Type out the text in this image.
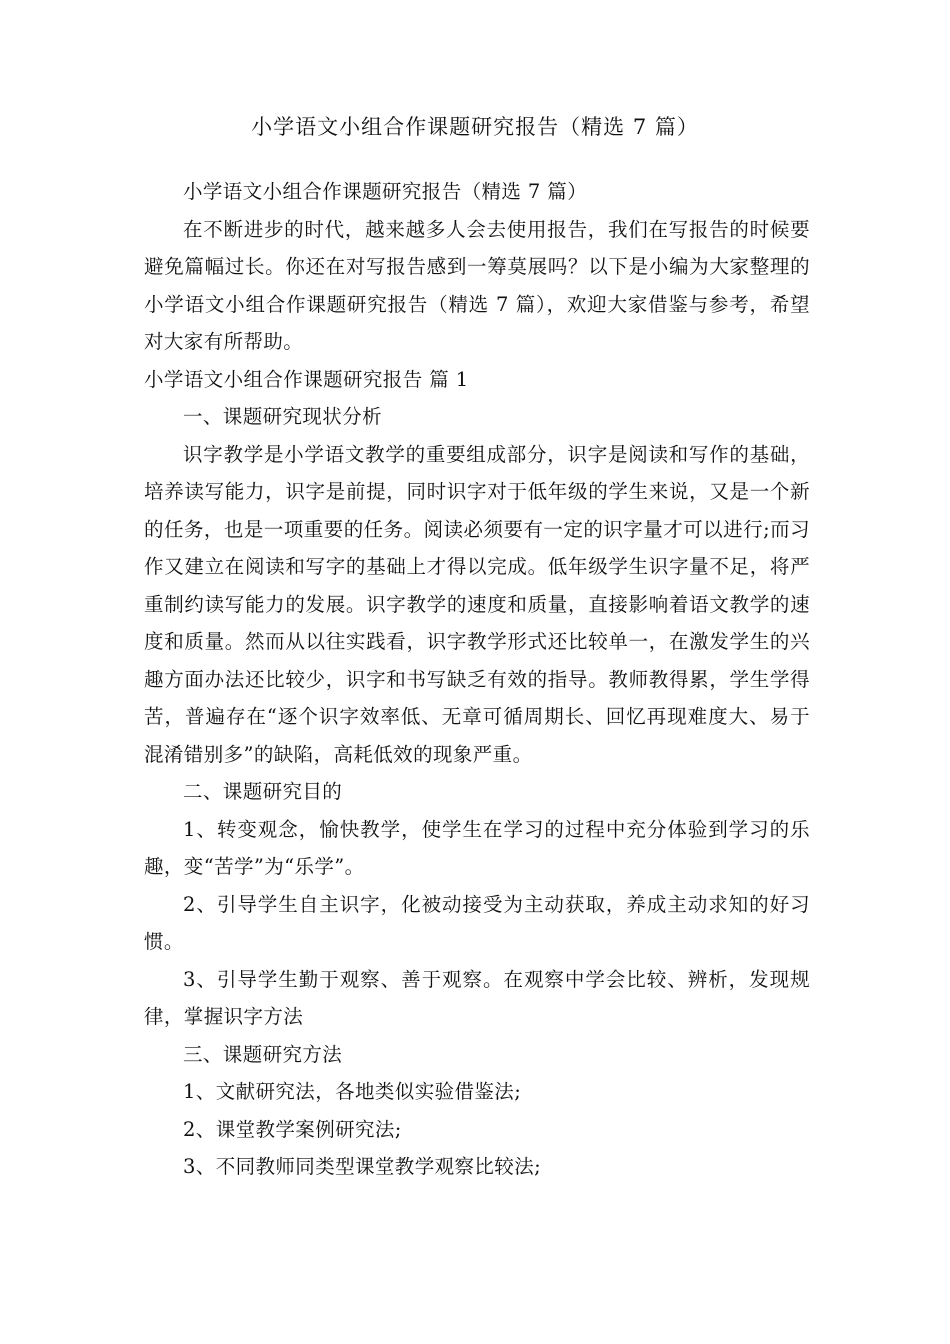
小学语文小组合作课题研究报告（精选 7 篇）

小学语文小组合作课题研究报告（精选 7 篇）

在不断进步的时代，越来越多人会去使用报告，我们在写报告的时候要避免篇幅过长。你还在对写报告感到一筹莫展吗？以下是小编为大家整理的小学语文小组合作课题研究报告（精选 7 篇），欢迎大家借鉴与参考，希望对大家有所帮助。

小学语文小组合作课题研究报告 篇 1

一、课题研究现状分析

识字教学是小学语文教学的重要组成部分，识字是阅读和写作的基础，培养读写能力，识字是前提，同时识字对于低年级的学生来说，又是一个新的任务，也是一项重要的任务。阅读必须要有一定的识字量才可以进行;而习作又建立在阅读和写字的基础上才得以完成。低年级学生识字量不足，将严重制约读写能力的发展。识字教学的速度和质量，直接影响着语文教学的速度和质量。然而从以往实践看，识字教学形式还比较单一，在激发学生的兴趣方面办法还比较少，识字和书写缺乏有效的指导。教师教得累，学生学得苦，普遍存在“逐个识字效率低、无章可循周期长、回忆再现难度大、易于混淆错别多”的缺陷，高耗低效的现象严重。

二、课题研究目的

1、转变观念，愉快教学，使学生在学习的过程中充分体验到学习的乐趣，变“苦学”为“乐学”。

2、引导学生自主识字，化被动接受为主动获取，养成主动求知的好习惯。

3、引导学生勤于观察、善于观察。在观察中学会比较、辨析，发现规律，掌握识字方法

三、课题研究方法

1、文献研究法，各地类似实验借鉴法;

2、课堂教学案例研究法;

3、不同教师同类型课堂教学观察比较法;
